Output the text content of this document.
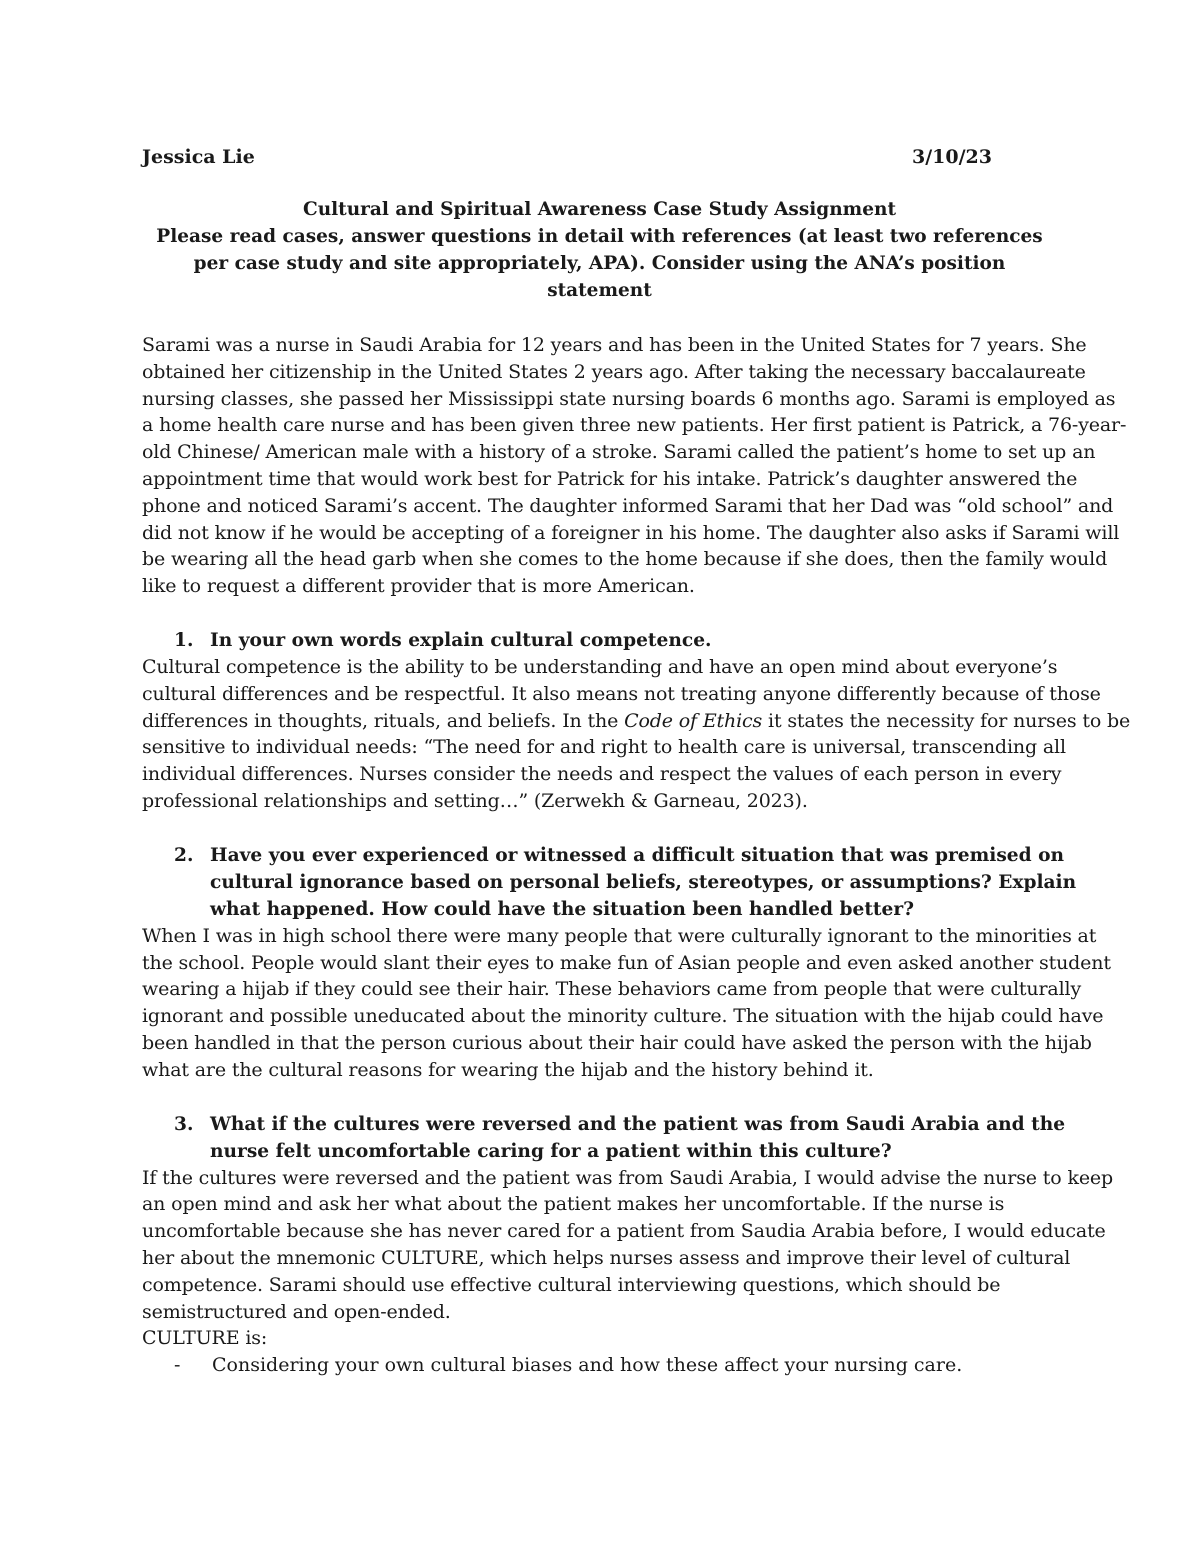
Jessica Lie	3/10/23
Cultural and Spiritual Awareness Case Study Assignment
Please read cases, answer questions in detail with references (at least two references per case study and site appropriately, APA). Consider using the ANA’s position statement

Sarami was a nurse in Saudi Arabia for 12 years and has been in the United States for 7 years. She obtained her citizenship in the United States 2 years ago. After taking the necessary baccalaureate nursing classes, she passed her Mississippi state nursing boards 6 months ago. Sarami is employed as a home health care nurse and has been given three new patients. Her first patient is Patrick, a 76-year-old Chinese/ American male with a history of a stroke. Sarami called the patient’s home to set up an appointment time that would work best for Patrick for his intake. Patrick’s daughter answered the phone and noticed Sarami’s accent. The daughter informed Sarami that her Dad was “old school” and did not know if he would be accepting of a foreigner in his home. The daughter also asks if Sarami will be wearing all the head garb when she comes to the home because if she does, then the family would like to request a different provider that is more American.

1. In your own words explain cultural competence.

Cultural competence is the ability to be understanding and have an open mind about everyone’s cultural differences and be respectful. It also means not treating anyone differently because of those differences in thoughts, rituals, and beliefs. In the Code of Ethics it states the necessity for nurses to be sensitive to individual needs: “The need for and right to health care is universal, transcending all individual differences. Nurses consider the needs and respect the values of each person in every professional relationships and setting…” (Zerwekh & Garneau, 2023).

2. Have you ever experienced or witnessed a difficult situation that was premised on cultural ignorance based on personal beliefs, stereotypes, or assumptions? Explain what happened. How could have the situation been handled better?

When I was in high school there were many people that were culturally ignorant to the minorities at the school. People would slant their eyes to make fun of Asian people and even asked another student wearing a hijab if they could see their hair. These behaviors came from people that were culturally ignorant and possible uneducated about the minority culture. The situation with the hijab could have been handled in that the person curious about their hair could have asked the person with the hijab what are the cultural reasons for wearing the hijab and the history behind it.

3. What if the cultures were reversed and the patient was from Saudi Arabia and the nurse felt uncomfortable caring for a patient within this culture?

If the cultures were reversed and the patient was from Saudi Arabia, I would advise the nurse to keep an open mind and ask her what about the patient makes her uncomfortable. If the nurse is uncomfortable because she has never cared for a patient from Saudia Arabia before, I would educate her about the mnemonic CULTURE, which helps nurses assess and improve their level of cultural competence. Sarami should use effective cultural interviewing questions, which should be semistructured and open-ended.

CULTURE is:

-	Considering your own cultural biases and how these affect your nursing care.
